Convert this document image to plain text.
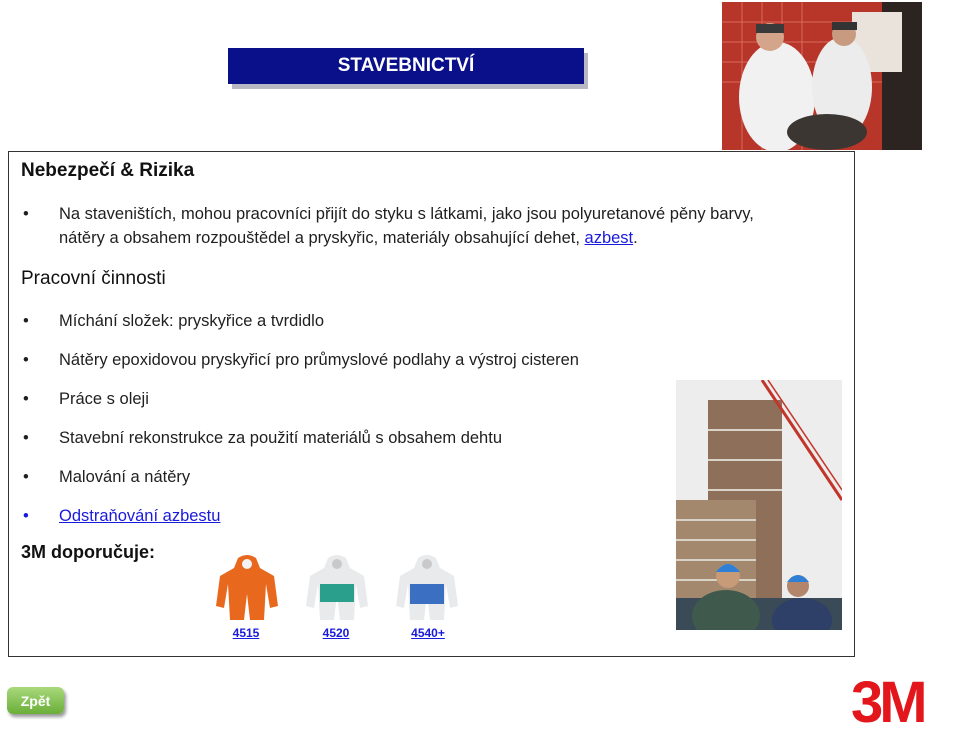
STAVEBNICTVÍ
Nebezpečí & Rizika
• Na staveništích, mohou pracovníci přijít do styku s látkami, jako jsou polyuretanové pěny barvy,
nátěry a obsahem rozpouštědel a pryskyřic, materiály obsahující dehet, azbest.
Pracovní činnosti
• Míchání složek: pryskyřice a tvrdidlo
• Nátěry epoxidovou pryskyřicí pro průmyslové podlahy a výstroj cisteren
• Práce s oleji
• Stavební rekonstrukce za použití materiálů s obsahem dehtu
• Malování a nátěry
• Odstraňování azbestu
3M doporučuje:
4515	4520	4540+
Zpět	3M
